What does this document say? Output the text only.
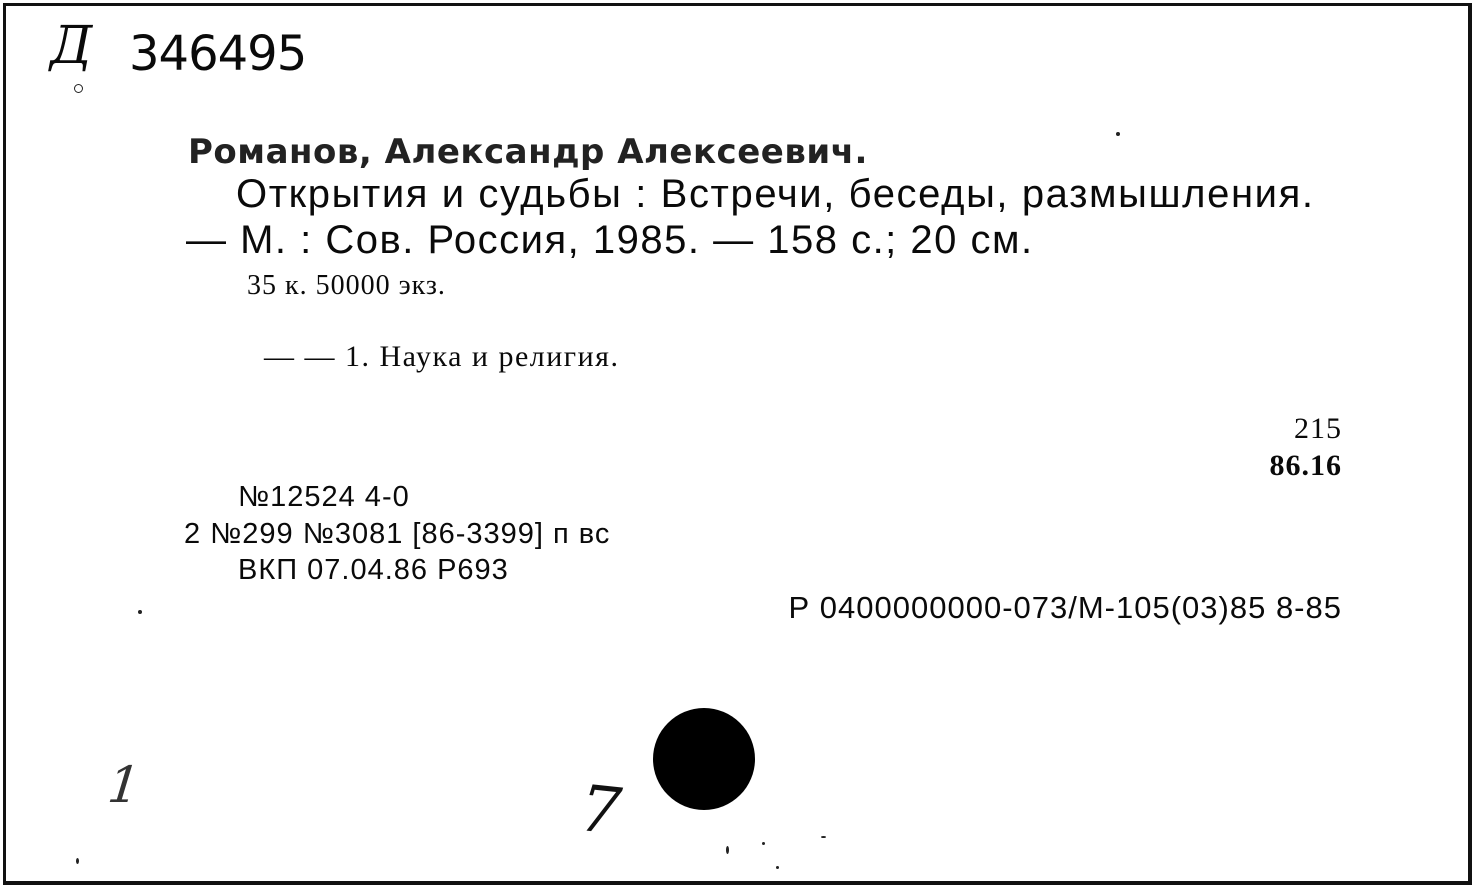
Д 346495
Романов, Александр Алексеевич.
Открытия и судьбы : Встречи, беседы, размышления.
— М. : Сов. Россия, 1985. — 158 с.; 20 см.
35 к. 50000 экз.
— — 1. Наука и религия.
215
86.16
№12524 4-0
2 №299 №3081 [86-3399] п вс
ВКП 07.04.86 Р693
Р 0400000000-073/М-105(03)85 8-85
1	7
